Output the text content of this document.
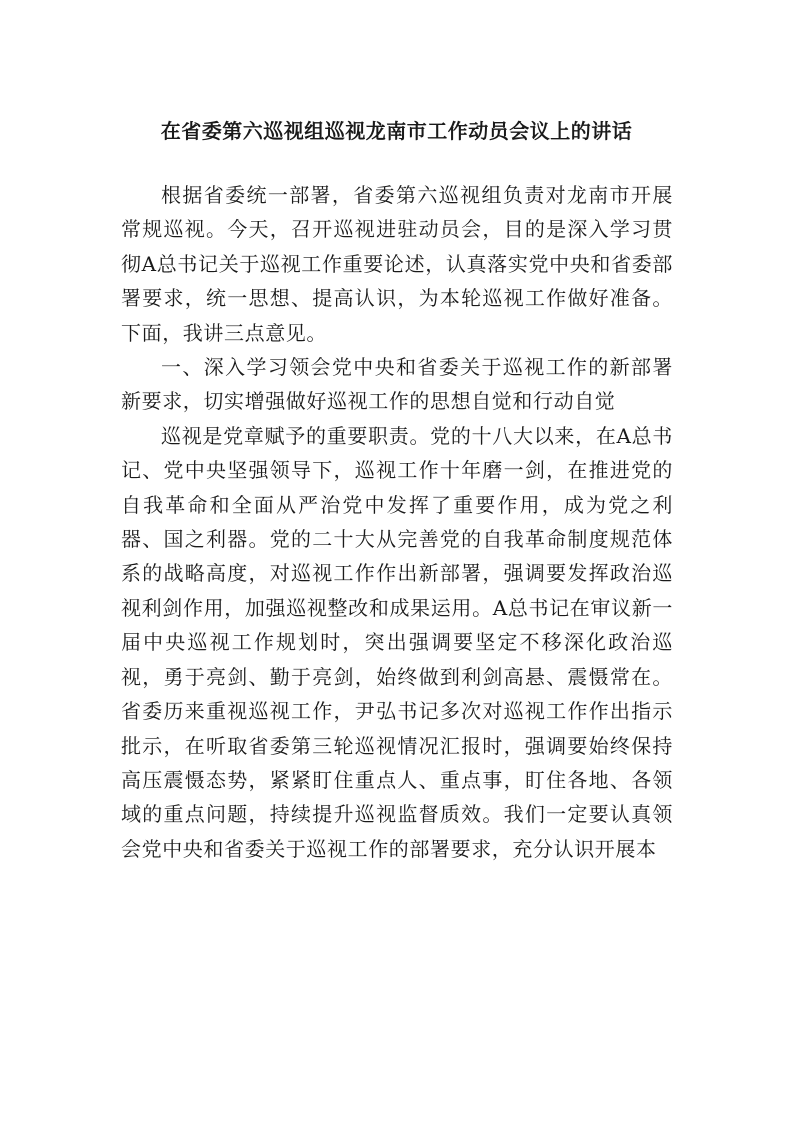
在省委第六巡视组巡视龙南市工作动员会议上的讲话

根据省委统一部署，省委第六巡视组负责对龙南市开展常规巡视。今天，召开巡视进驻动员会，目的是深入学习贯彻A总书记关于巡视工作重要论述，认真落实党中央和省委部署要求，统一思想、提高认识，为本轮巡视工作做好准备。下面，我讲三点意见。

一、深入学习领会党中央和省委关于巡视工作的新部署新要求，切实增强做好巡视工作的思想自觉和行动自觉

巡视是党章赋予的重要职责。党的十八大以来，在A总书记、党中央坚强领导下，巡视工作十年磨一剑，在推进党的自我革命和全面从严治党中发挥了重要作用，成为党之利器、国之利器。党的二十大从完善党的自我革命制度规范体系的战略高度，对巡视工作作出新部署，强调要发挥政治巡视利剑作用，加强巡视整改和成果运用。A总书记在审议新一届中央巡视工作规划时，突出强调要坚定不移深化政治巡视，勇于亮剑、勤于亮剑，始终做到利剑高悬、震慑常在。省委历来重视巡视工作，尹弘书记多次对巡视工作作出指示批示，在听取省委第三轮巡视情况汇报时，强调要始终保持高压震慑态势，紧紧盯住重点人、重点事，盯住各地、各领域的重点问题，持续提升巡视监督质效。我们一定要认真领会党中央和省委关于巡视工作的部署要求，充分认识开展本
